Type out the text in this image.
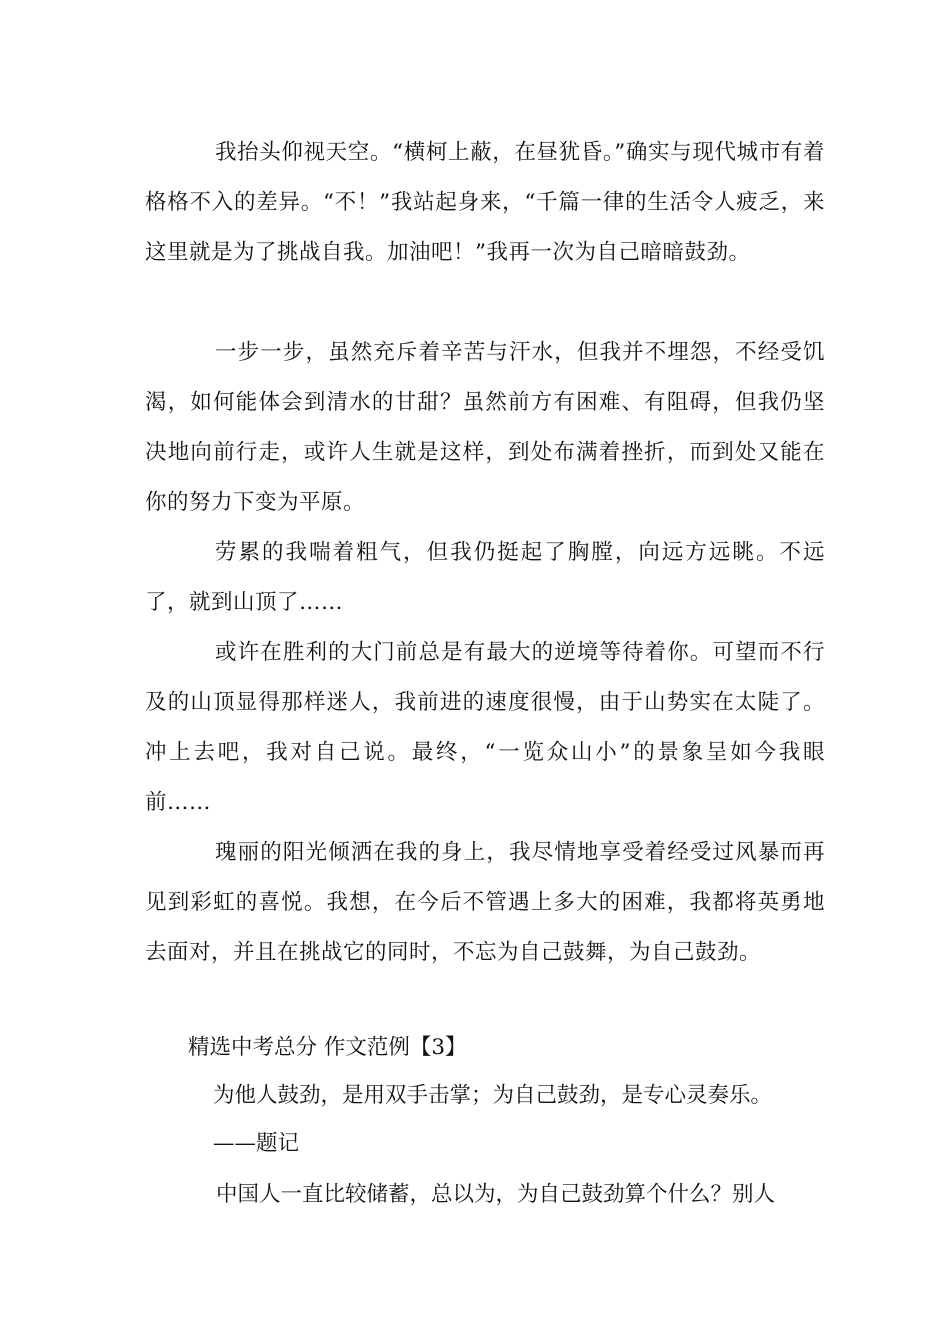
我抬头仰视天空。“横柯上蔽，在昼犹昏。”确实与现代城市有着格格不入的差异。“不！”我站起身来，“千篇一律的生活令人疲乏，来这里就是为了挑战自我。加油吧！”我再一次为自己暗暗鼓劲。

一步一步，虽然充斥着辛苦与汗水，但我并不埋怨，不经受饥渴，如何能体会到清水的甘甜？虽然前方有困难、有阻碍，但我仍坚决地向前行走，或许人生就是这样，到处布满着挫折，而到处又能在你的努力下变为平原。

劳累的我喘着粗气，但我仍挺起了胸膛，向远方远眺。不远了，就到山顶了……

或许在胜利的大门前总是有最大的逆境等待着你。可望而不行及的山顶显得那样迷人，我前进的速度很慢，由于山势实在太陡了。冲上去吧，我对自己说。最终，“一览众山小”的景象呈如今我眼前……

瑰丽的阳光倾洒在我的身上，我尽情地享受着经受过风暴而再见到彩虹的喜悦。我想，在今后不管遇上多大的困难，我都将英勇地去面对，并且在挑战它的同时，不忘为自己鼓舞，为自己鼓劲。

精选中考总分 作文范例【3】

为他人鼓劲，是用双手击掌；为自己鼓劲，是专心灵奏乐。

——题记

中国人一直比较储蓄，总以为，为自己鼓劲算个什么？别人
